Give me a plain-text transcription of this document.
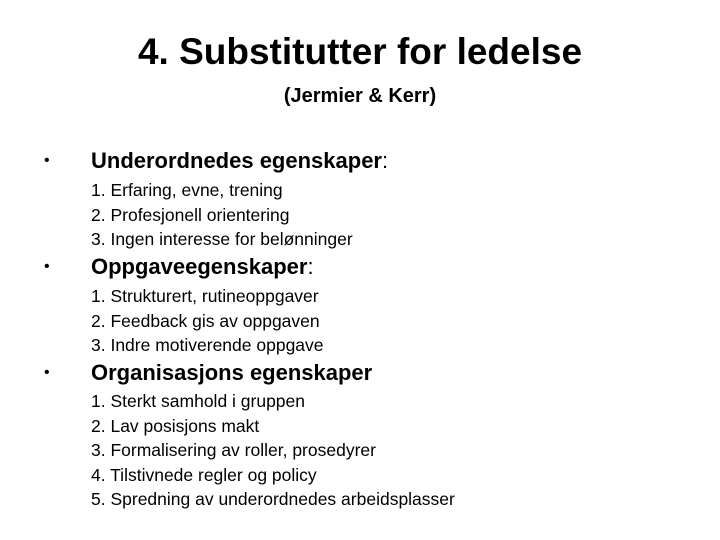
4. Substitutter for ledelse
(Jermier & Kerr)
• Underordnedes egenskaper:
1. Erfaring, evne, trening
2. Profesjonell orientering
3. Ingen interesse for belønninger
• Oppgaveegenskaper:
1. Strukturert, rutineoppgaver
2. Feedback gis av oppgaven
3. Indre motiverende oppgave
• Organisasjons egenskaper
1. Sterkt samhold i gruppen
2. Lav posisjons makt
3. Formalisering av roller, prosedyrer
4. Tilstivnede regler og policy
5. Spredning av underordnedes arbeidsplasser
